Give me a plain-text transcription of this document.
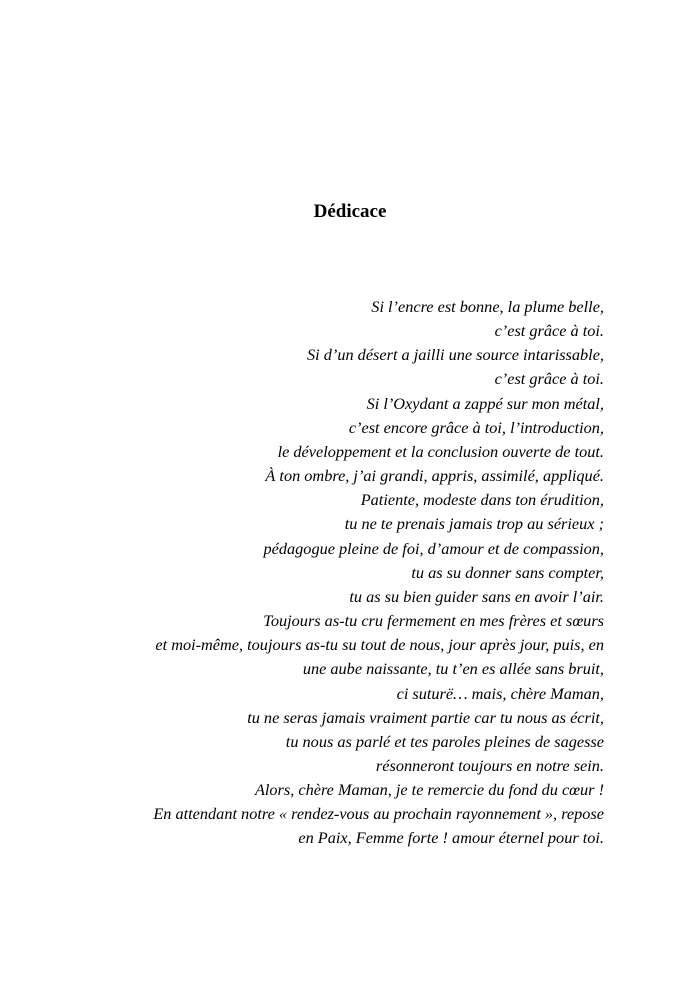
Dédicace
Si l’encre est bonne, la plume belle,
c’est grâce à toi.
Si d’un désert a jailli une source intarissable,
c’est grâce à toi.
Si l’Oxydant a zappé sur mon métal,
c’est encore grâce à toi, l’introduction,
le développement et la conclusion ouverte de tout.
À ton ombre, j’ai grandi, appris, assimilé, appliqué.
Patiente, modeste dans ton érudition,
tu ne te prenais jamais trop au sérieux ;
pédagogue pleine de foi, d’amour et de compassion,
tu as su donner sans compter,
tu as su bien guider sans en avoir l’air.
Toujours as-tu cru fermement en mes frères et sœurs
et moi-même, toujours as-tu su tout de nous, jour après jour, puis, en
une aube naissante, tu t’en es allée sans bruit,
ci suturë… mais, chère Maman,
tu ne seras jamais vraiment partie car tu nous as écrit,
tu nous as parlé et tes paroles pleines de sagesse
résonneront toujours en notre sein.
Alors, chère Maman, je te remercie du fond du cœur !
En attendant notre « rendez-vous au prochain rayonnement », repose
en Paix, Femme forte ! amour éternel pour toi.
